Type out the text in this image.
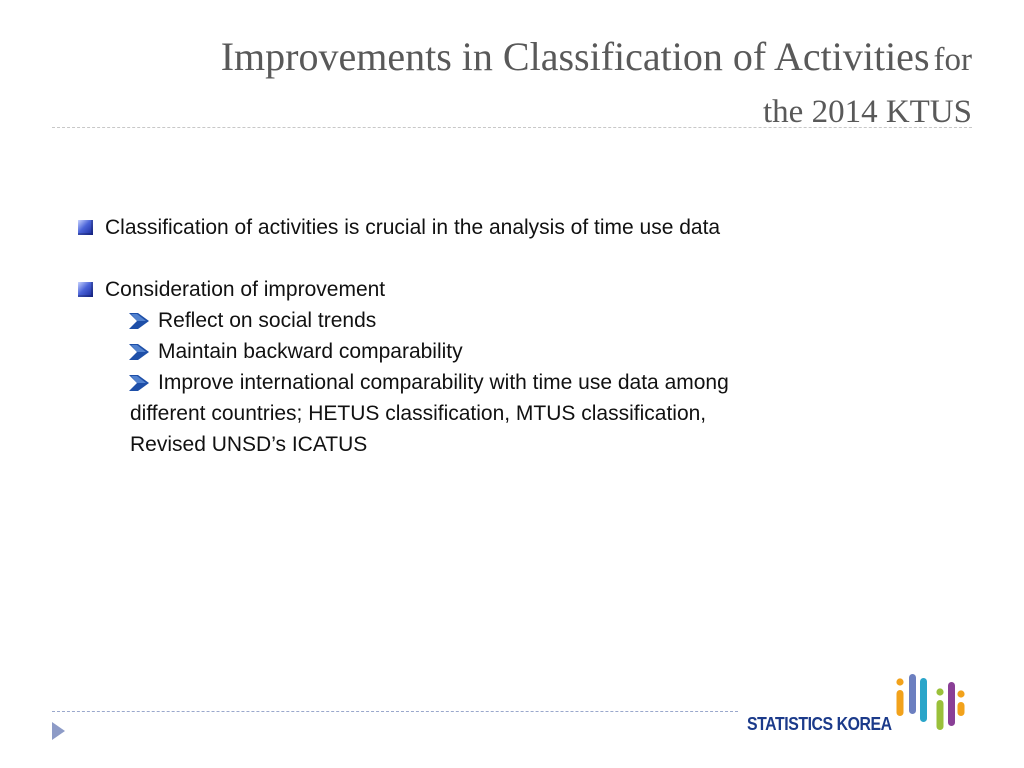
Improvements in Classification of Activities for
the 2014 KTUS
Classification of activities is crucial in the analysis of time use data
Consideration of improvement
Reflect on social trends
Maintain backward comparability
Improve international comparability with time use data among
different countries; HETUS classification, MTUS classification,
Revised UNSD’s ICATUS
STATISTICS KOREA
